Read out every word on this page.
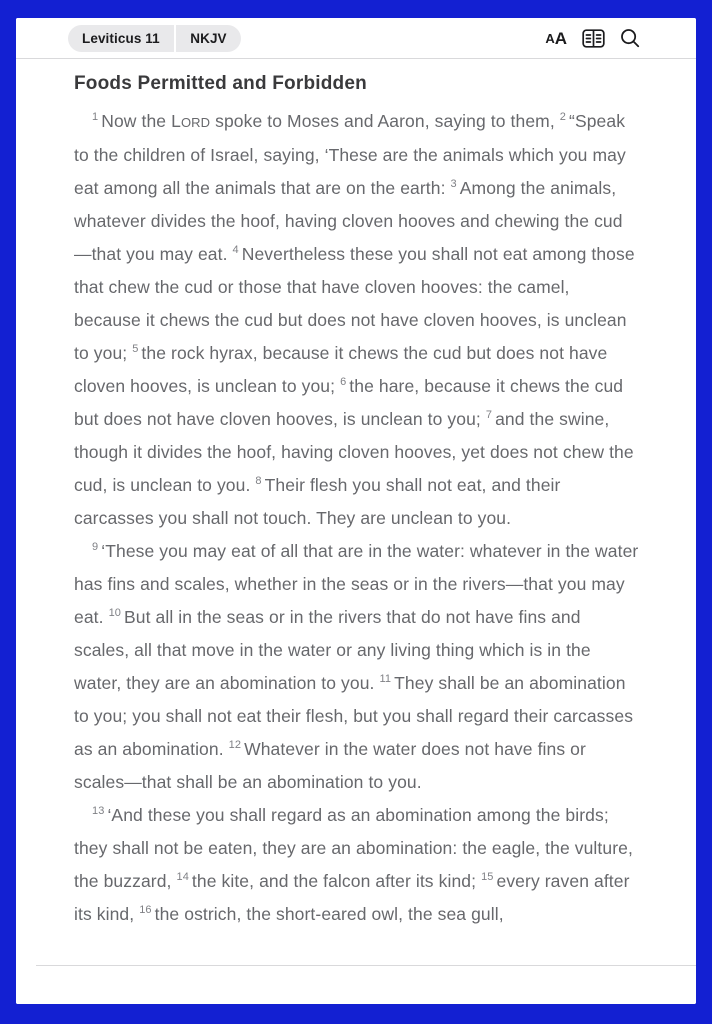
Leviticus 11	NKJV	A A
Foods Permitted and Forbidden

$^1$ Now the LORD spoke to Moses and Aaron, saying to them, $^2$ “Speak to the children of Israel, saying, ‘These are the animals which you may eat among all the animals that are on the earth: $^3$ Among the animals, whatever divides the hoof, having cloven hooves and chewing the cud—that you may eat. $^4$ Nevertheless these you shall not eat among those that chew the cud or those that have cloven hooves: the camel, because it chews the cud but does not have cloven hooves, is unclean to you; $^5$ the rock hyrax, because it chews the cud but does not have cloven hooves, is unclean to you; $^6$ the hare, because it chews the cud but does not have cloven hooves, is unclean to you; $^7$ and the swine, though it divides the hoof, having cloven hooves, yet does not chew the cud, is unclean to you. $^8$ Their flesh you shall not eat, and their carcasses you shall not touch. They are unclean to you.

$^9$ ‘These you may eat of all that are in the water: whatever in the water has fins and scales, whether in the seas or in the rivers—that you may eat. $^{10}$ But all in the seas or in the rivers that do not have fins and scales, all that move in the water or any living thing which is in the water, they are an abomination to you. $^{11}$ They shall be an abomination to you; you shall not eat their flesh, but you shall regard their carcasses as an abomination. $^{12}$ Whatever in the water does not have fins or scales—that shall be an abomination to you.

$^{13}$ ‘And these you shall regard as an abomination among the birds; they shall not be eaten, they are an abomination: the eagle, the vulture, the buzzard, $^{14}$ the kite, and the falcon after its kind; $^{15}$ every raven after its kind, $^{16}$ the ostrich, the short-eared owl, the sea gull,
